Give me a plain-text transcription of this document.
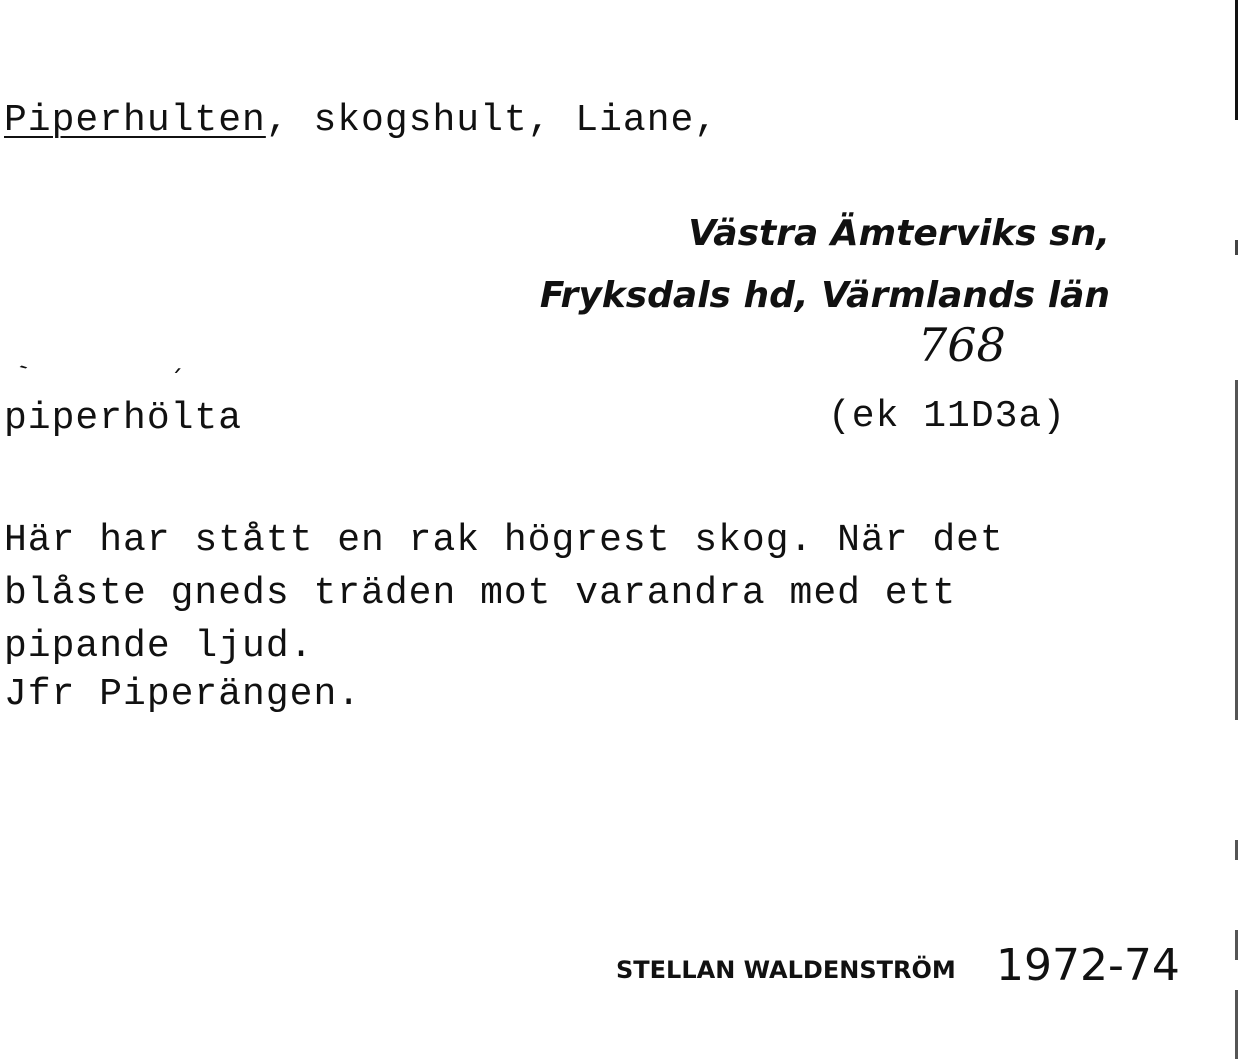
Piperhulten, skogshult, Liane,
Västra Ämterviks sn,
Fryksdals hd, Värmlands län
768
ˋ	ˊ
piperhölta	(ek 11D3a)
Här har stått en rak högrest skog. När det
blåste gneds träden mot varandra med ett
pipande ljud.
Jfr Piperängen.
STELLAN WALDENSTRÖM 1972-74
